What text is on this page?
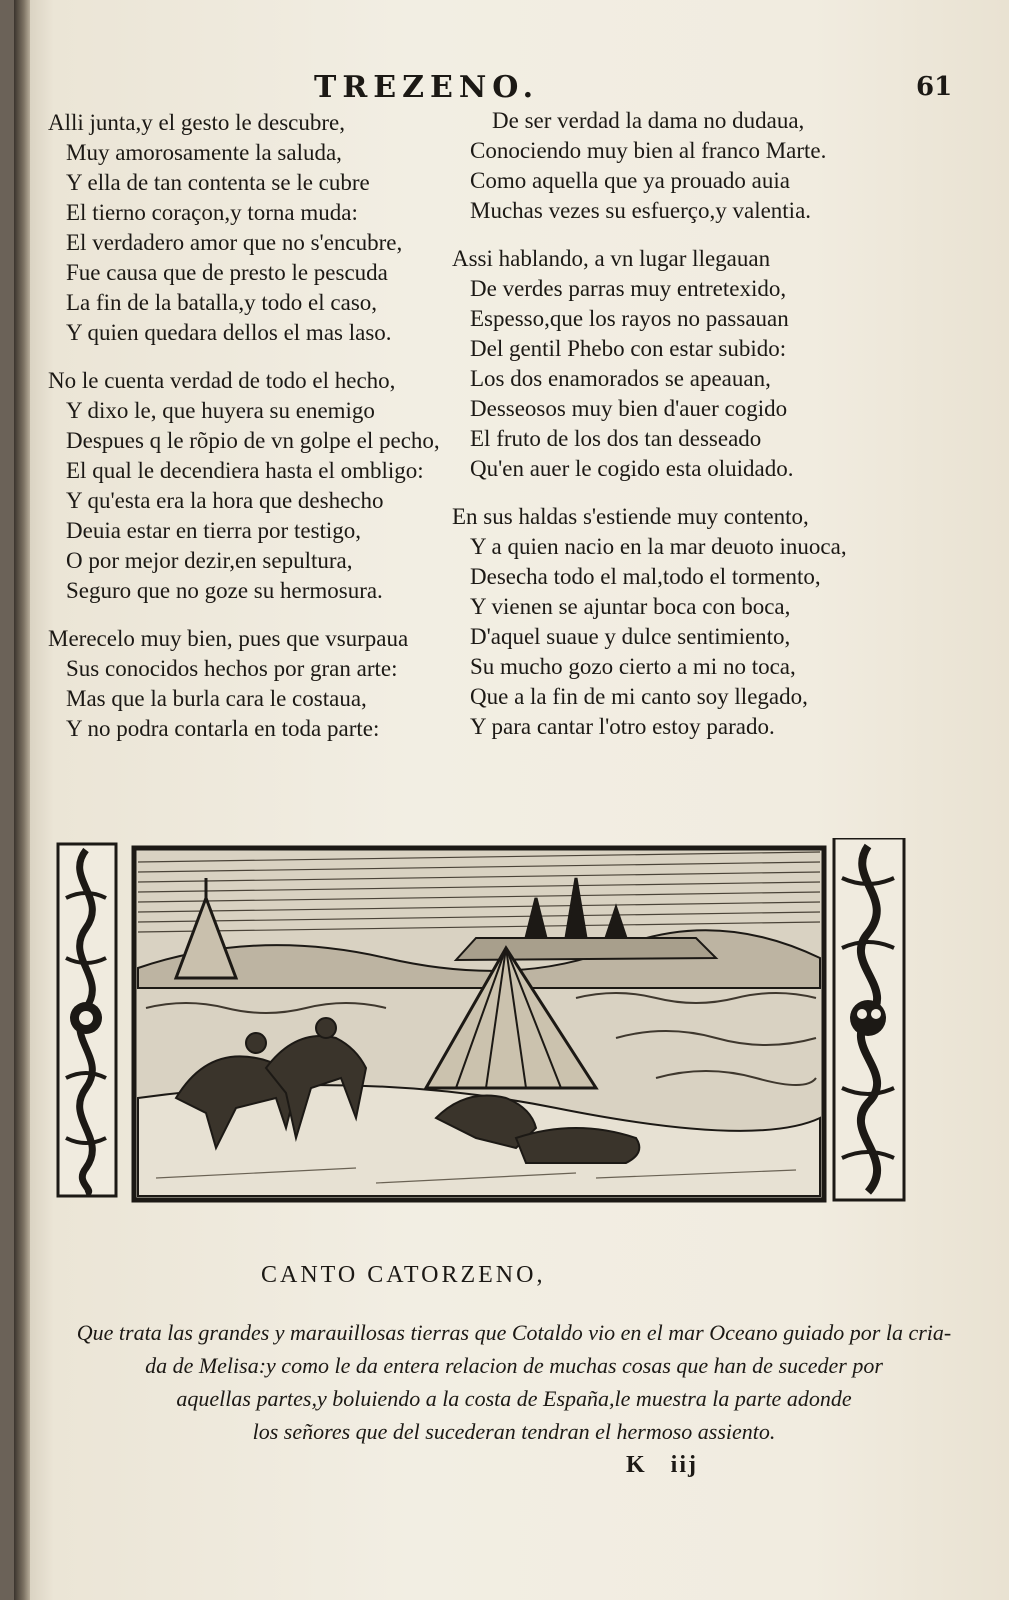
TREZENO.	61
Alli junta,y el gesto le descubre,
Muy amorosamente la saluda,
Y ella de tan contenta se le cubre
El tierno coraçon,y torna muda:
El verdadero amor que no s'encubre,
Fue causa que de presto le pescuda
La fin de la batalla,y todo el caso,
Y quien quedara dellos el mas laso.
No le cuenta verdad de todo el hecho,
Y dixo le, que huyera su enemigo
Despues q le rõpio de vn golpe el pecho,
El qual le decendiera hasta el ombligo:
Y qu'esta era la hora que deshecho
Deuia estar en tierra por testigo,
O por mejor dezir,en sepultura,
Seguro que no goze su hermosura.
Merecelo muy bien, pues que vsurpaua
Sus conocidos hechos por gran arte:
Mas que la burla cara le costaua,
Y no podra contarla en toda parte:
De ser verdad la dama no dudaua,
Conociendo muy bien al franco Marte.
Como aquella que ya prouado auia
Muchas vezes su esfuerço,y valentia.
Assi hablando, a vn lugar llegauan
De verdes parras muy entretexido,
Espesso,que los rayos no passauan
Del gentil Phebo con estar subido:
Los dos enamorados se apeauan,
Desseosos muy bien d'auer cogido
El fruto de los dos tan desseado
Qu'en auer le cogido esta oluidado.
En sus haldas s'estiende muy contento,
Y a quien nacio en la mar deuoto inuoca,
Desecha todo el mal,todo el tormento,
Y vienen se ajuntar boca con boca,
D'aquel suaue y dulce sentimiento,
Su mucho gozo cierto a mi no toca,
Que a la fin de mi canto soy llegado,
Y para cantar l'otro estoy parado.
CANTO CATORZENO,
Que trata las grandes y marauillosas tierras que Cotaldo vio en el mar Oceano guiado por la cria-
da de Melisa:y como le da entera relacion de muchas cosas que han de suceder por
aquellas partes,y boluiendo a la costa de España,le muestra la parte adonde
los señores que del sucederan tendran el hermoso assiento.
K iij
